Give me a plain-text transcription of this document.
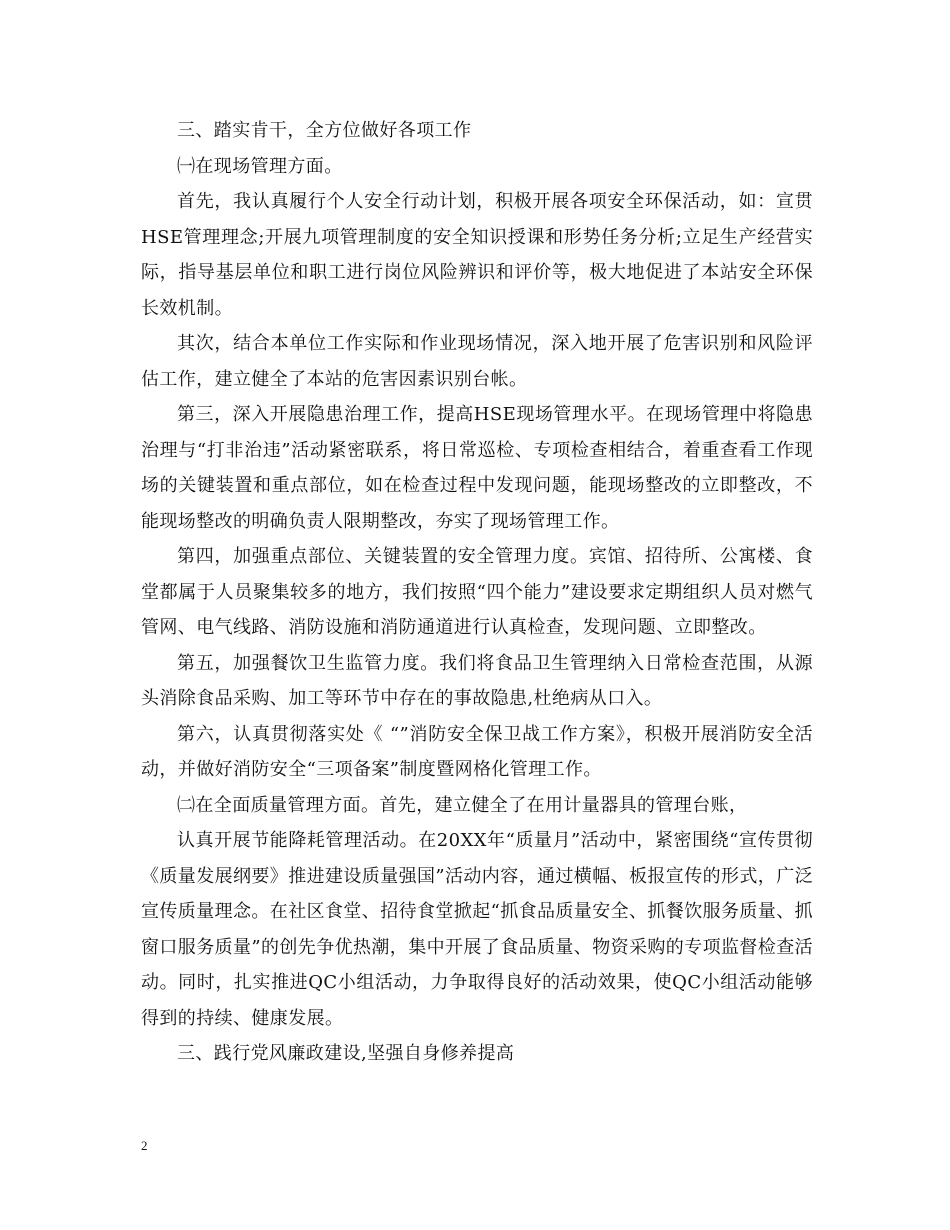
三、踏实肯干，全方位做好各项工作

㈠在现场管理方面。

首先，我认真履行个人安全行动计划，积极开展各项安全环保活动，如：宣贯HSE管理理念;开展九项管理制度的安全知识授课和形势任务分析;立足生产经营实际，指导基层单位和职工进行岗位风险辨识和评价等，极大地促进了本站安全环保长效机制。

其次，结合本单位工作实际和作业现场情况，深入地开展了危害识别和风险评估工作，建立健全了本站的危害因素识别台帐。

第三，深入开展隐患治理工作，提高HSE现场管理水平。在现场管理中将隐患治理与“打非治违”活动紧密联系，将日常巡检、专项检查相结合，着重查看工作现场的关键装置和重点部位，如在检查过程中发现问题，能现场整改的立即整改，不能现场整改的明确负责人限期整改，夯实了现场管理工作。

第四，加强重点部位、关键装置的安全管理力度。宾馆、招待所、公寓楼、食堂都属于人员聚集较多的地方，我们按照“四个能力”建设要求定期组织人员对燃气管网、电气线路、消防设施和消防通道进行认真检查，发现问题、立即整改。

第五，加强餐饮卫生监管力度。我们将食品卫生管理纳入日常检查范围，从源头消除食品采购、加工等环节中存在的事故隐患,杜绝病从口入。

第六，认真贯彻落实处《 “”消防安全保卫战工作方案》，积极开展消防安全活动，并做好消防安全“三项备案”制度暨网格化管理工作。

㈡在全面质量管理方面。首先，建立健全了在用计量器具的管理台账，

认真开展节能降耗管理活动。在20XX年“质量月”活动中，紧密围绕“宣传贯彻《质量发展纲要》推进建设质量强国”活动内容，通过横幅、板报宣传的形式，广泛宣传质量理念。在社区食堂、招待食堂掀起“抓食品质量安全、抓餐饮服务质量、抓窗口服务质量”的创先争优热潮，集中开展了食品质量、物资采购的专项监督检查活动。同时，扎实推进QC小组活动，力争取得良好的活动效果，使QC小组活动能够得到的持续、健康发展。

三、践行党风廉政建设,坚强自身修养提高

2
